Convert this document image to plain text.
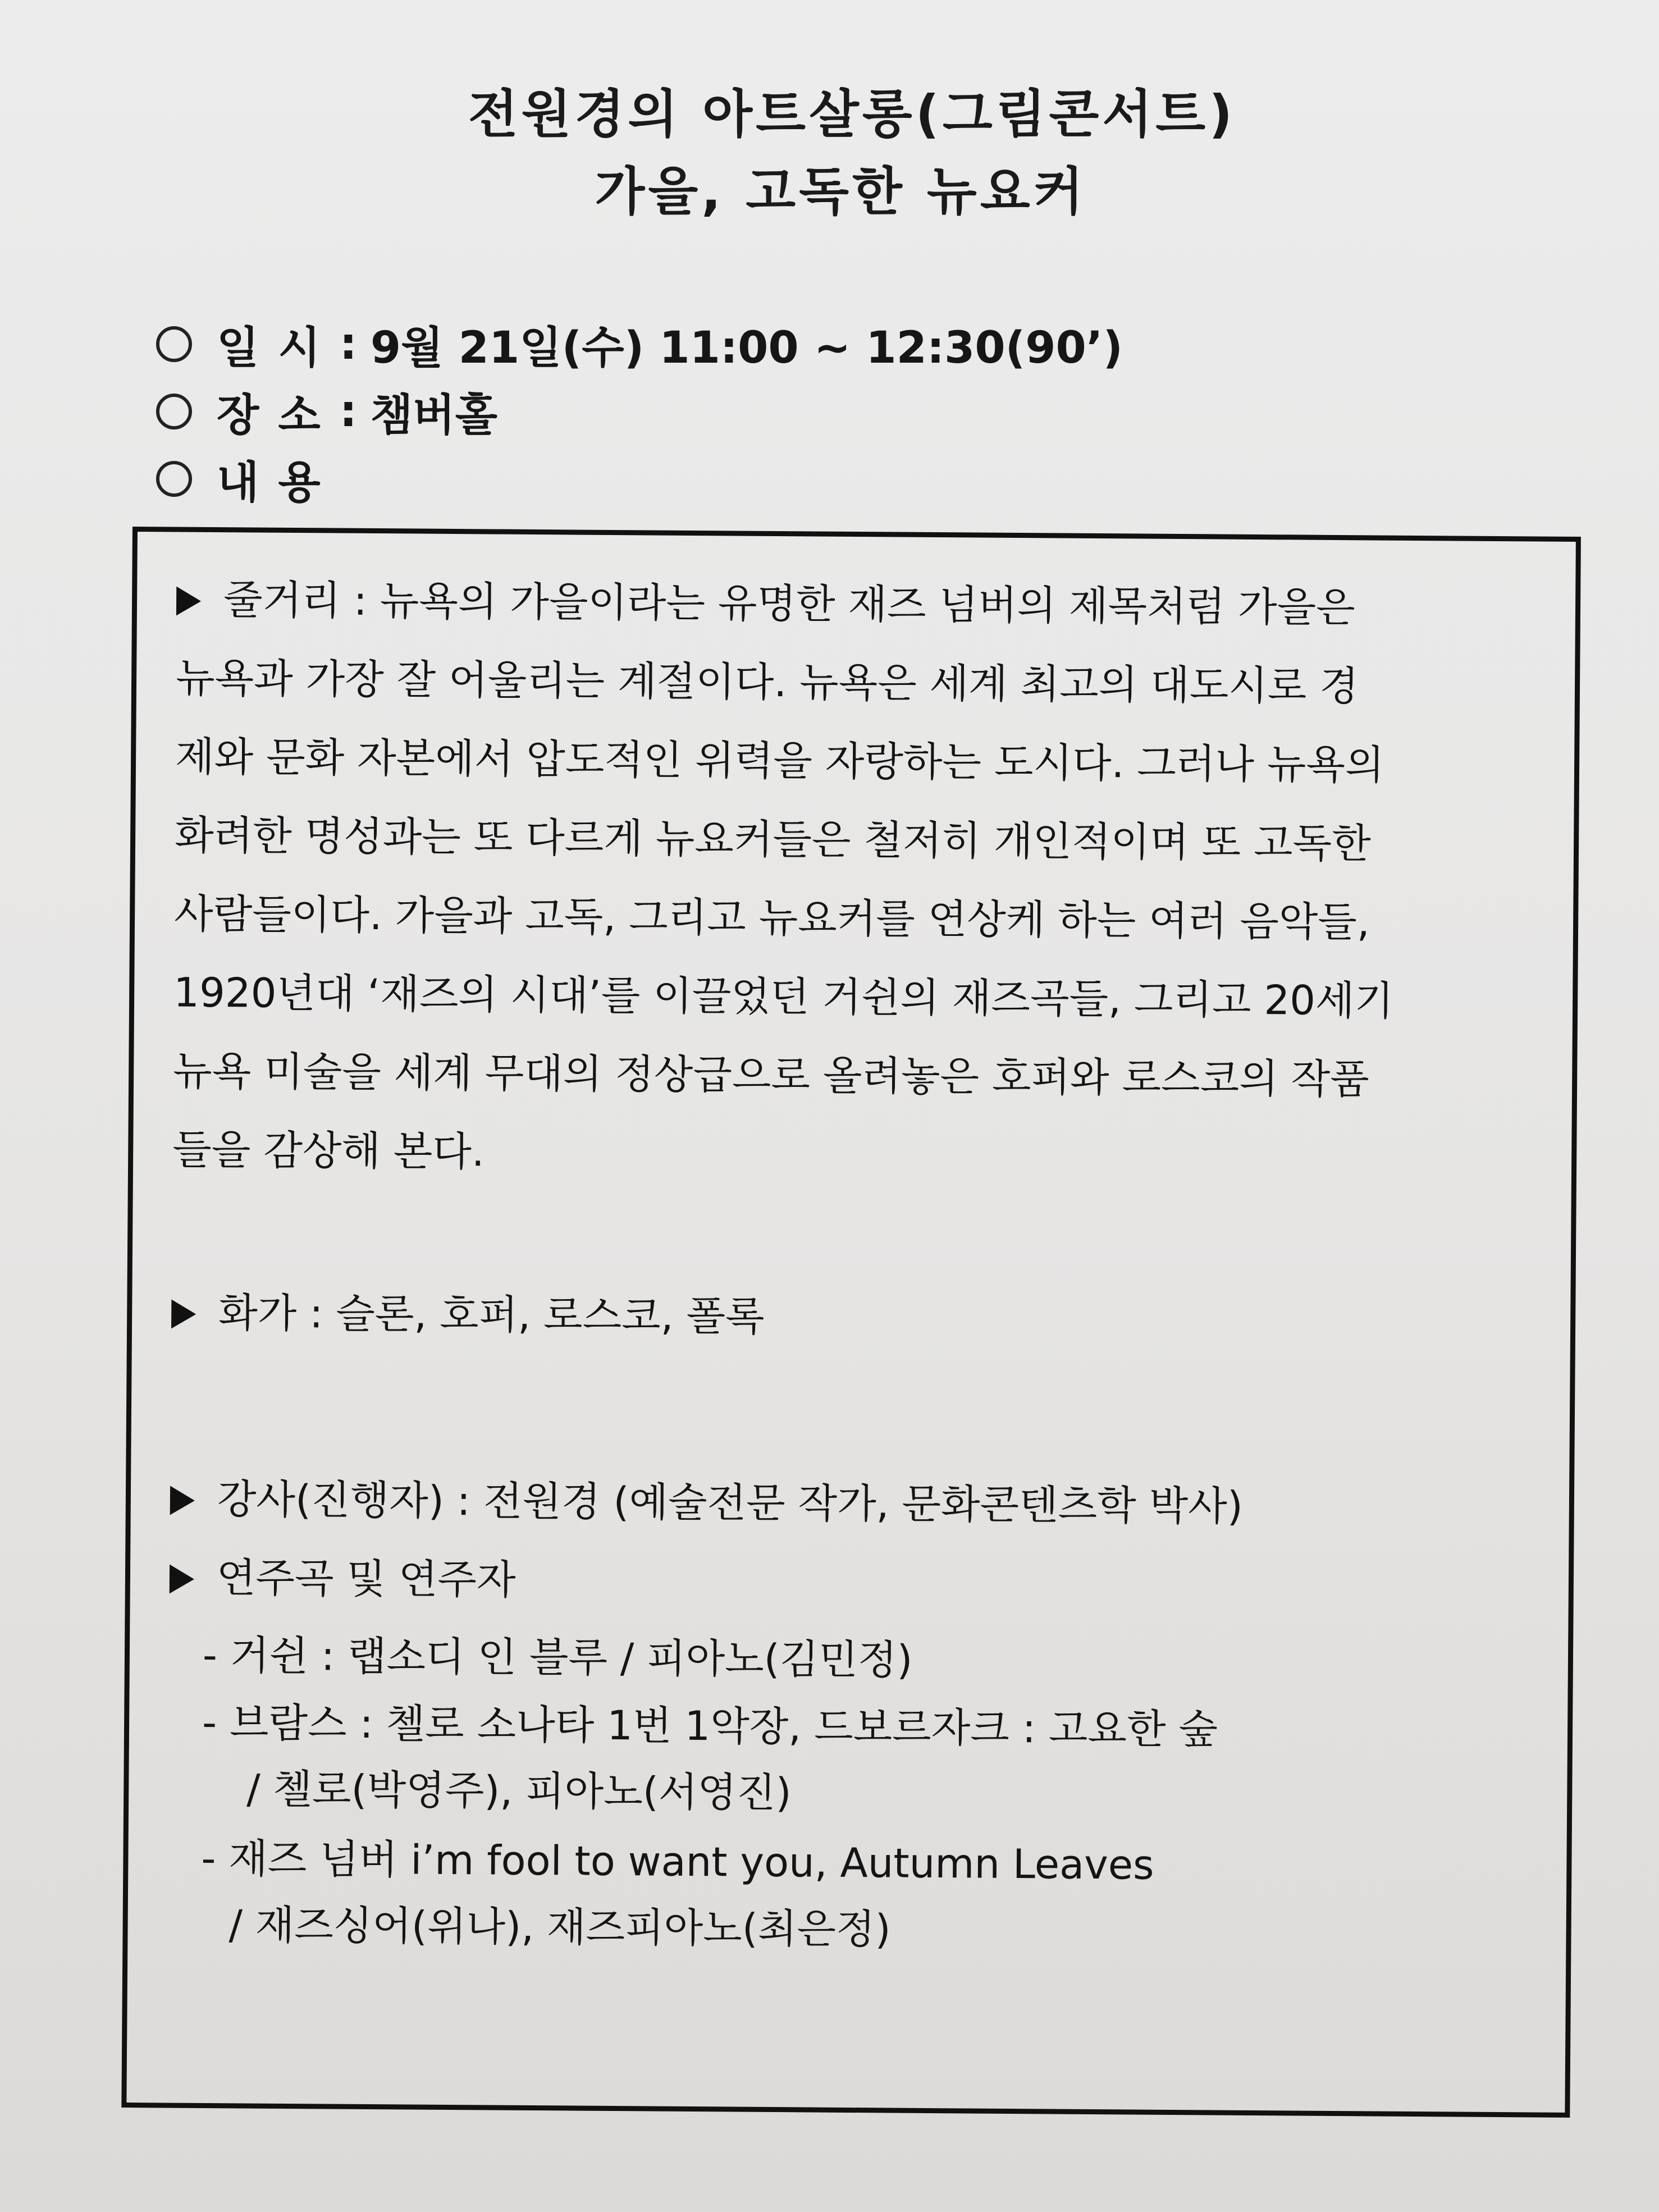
전원경의 아트살롱(그림콘서트)
가을, 고독한 뉴요커
일시 : 9월 21일(수) 11:00 ~ 12:30(90’)
장소 : 챔버홀
내용
줄거리 : 뉴욕의 가을이라는 유명한 재즈 넘버의 제목처럼 가을은
뉴욕과 가장 잘 어울리는 계절이다. 뉴욕은 세계 최고의 대도시로 경
제와 문화 자본에서 압도적인 위력을 자랑하는 도시다. 그러나 뉴욕의
화려한 명성과는 또 다르게 뉴요커들은 철저히 개인적이며 또 고독한
사람들이다. 가을과 고독, 그리고 뉴요커를 연상케 하는 여러 음악들,
1920년대 ‘재즈의 시대’를 이끌었던 거쉰의 재즈곡들, 그리고 20세기
뉴욕 미술을 세계 무대의 정상급으로 올려놓은 호퍼와 로스코의 작품
들을 감상해 본다.
화가 : 슬론, 호퍼, 로스코, 폴록
강사(진행자) : 전원경 (예술전문 작가, 문화콘텐츠학 박사)
연주곡 및 연주자
- 거쉰 : 랩소디 인 블루 / 피아노(김민정)
- 브람스 : 첼로 소나타 1번 1악장, 드보르자크 : 고요한 숲
/ 첼로(박영주), 피아노(서영진)
- 재즈 넘버 i’m fool to want you, Autumn Leaves
/ 재즈싱어(위나), 재즈피아노(최은정)
